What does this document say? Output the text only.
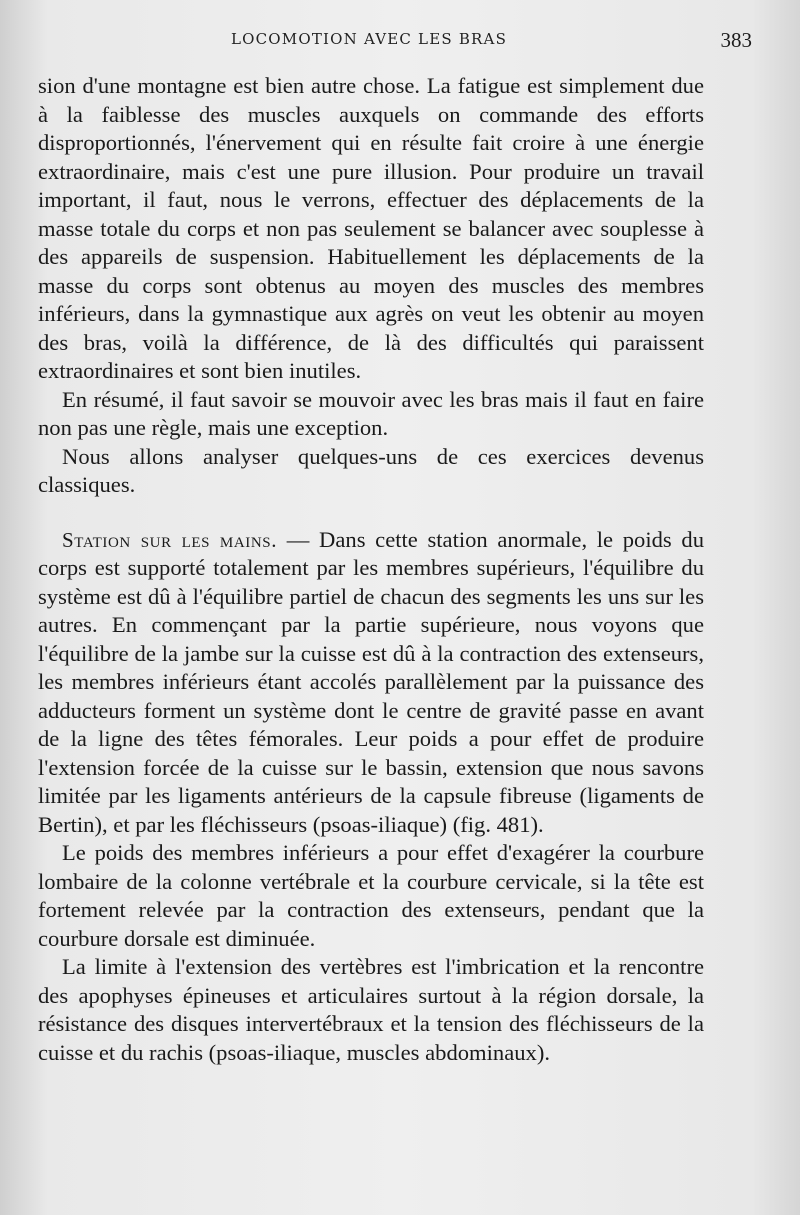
LOCOMOTION AVEC LES BRAS	383

sion d'une montagne est bien autre chose. La fatigue est simplement due à la faiblesse des muscles auxquels on commande des efforts disproportionnés, l'énervement qui en résulte fait croire à une énergie extraordinaire, mais c'est une pure illusion. Pour produire un travail important, il faut, nous le verrons, effectuer des déplacements de la masse totale du corps et non pas seulement se balancer avec souplesse à des appareils de suspension. Habituellement les déplacements de la masse du corps sont obtenus au moyen des muscles des membres inférieurs, dans la gymnastique aux agrès on veut les obtenir au moyen des bras, voilà la différence, de là des difficultés qui paraissent extraordinaires et sont bien inutiles.

En résumé, il faut savoir se mouvoir avec les bras mais il faut en faire non pas une règle, mais une exception.

Nous allons analyser quelques-uns de ces exercices devenus classiques.

Station sur les mains. — Dans cette station anormale, le poids du corps est supporté totalement par les membres supérieurs, l'équilibre du système est dû à l'équilibre partiel de chacun des segments les uns sur les autres. En commençant par la partie supérieure, nous voyons que l'équilibre de la jambe sur la cuisse est dû à la contraction des extenseurs, les membres inférieurs étant accolés parallèlement par la puissance des adducteurs forment un système dont le centre de gravité passe en avant de la ligne des têtes fémorales. Leur poids a pour effet de produire l'extension forcée de la cuisse sur le bassin, extension que nous savons limitée par les ligaments antérieurs de la capsule fibreuse (ligaments de Bertin), et par les fléchisseurs (psoas-iliaque) (fig. 481).

Le poids des membres inférieurs a pour effet d'exagérer la courbure lombaire de la colonne vertébrale et la courbure cervicale, si la tête est fortement relevée par la contraction des extenseurs, pendant que la courbure dorsale est diminuée.

La limite à l'extension des vertèbres est l'imbrication et la rencontre des apophyses épineuses et articulaires surtout à la région dorsale, la résistance des disques intervertébraux et la tension des fléchisseurs de la cuisse et du rachis (psoas-iliaque, muscles abdominaux).
